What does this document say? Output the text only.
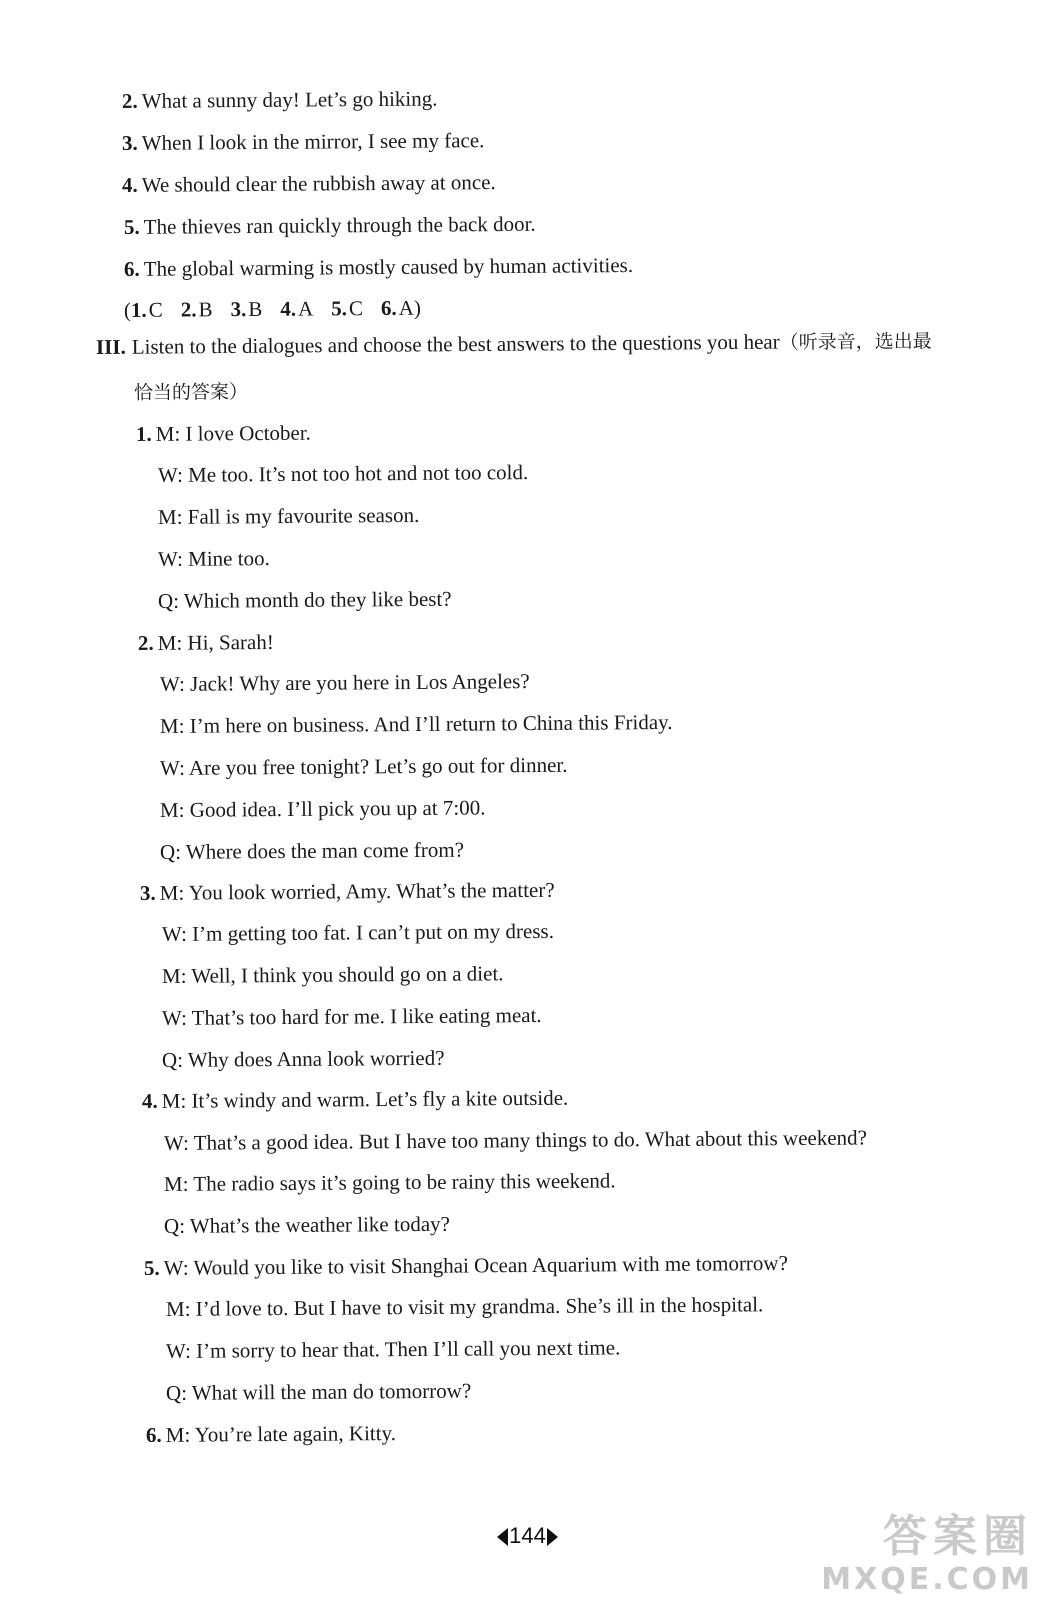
2. What a sunny day! Let’s go hiking.
3. When I look in the mirror, I see my face.
4. We should clear the rubbish away at once.
5. The thieves ran quickly through the back door.
6. The global warming is mostly caused by human activities.
(1.C 2.B 3.B 4.A 5.C 6.A)
III. Listen to the dialogues and choose the best answers to the questions you hear（听录音，选出最
恰当的答案）
1. M: I love October.
W: Me too. It’s not too hot and not too cold.
M: Fall is my favourite season.
W: Mine too.
Q: Which month do they like best?
2. M: Hi, Sarah!
W: Jack! Why are you here in Los Angeles?
M: I’m here on business. And I’ll return to China this Friday.
W: Are you free tonight? Let’s go out for dinner.
M: Good idea. I’ll pick you up at 7:00.
Q: Where does the man come from?
3. M: You look worried, Amy. What’s the matter?
W: I’m getting too fat. I can’t put on my dress.
M: Well, I think you should go on a diet.
W: That’s too hard for me. I like eating meat.
Q: Why does Anna look worried?
4. M: It’s windy and warm. Let’s fly a kite outside.
W: That’s a good idea. But I have too many things to do. What about this weekend?
M: The radio says it’s going to be rainy this weekend.
Q: What’s the weather like today?
5. W: Would you like to visit Shanghai Ocean Aquarium with me tomorrow?
M: I’d love to. But I have to visit my grandma. She’s ill in the hospital.
W: I’m sorry to hear that. Then I’ll call you next time.
Q: What will the man do tomorrow?
6. M: You’re late again, Kitty.
144	答案圈
MXQE.COM
